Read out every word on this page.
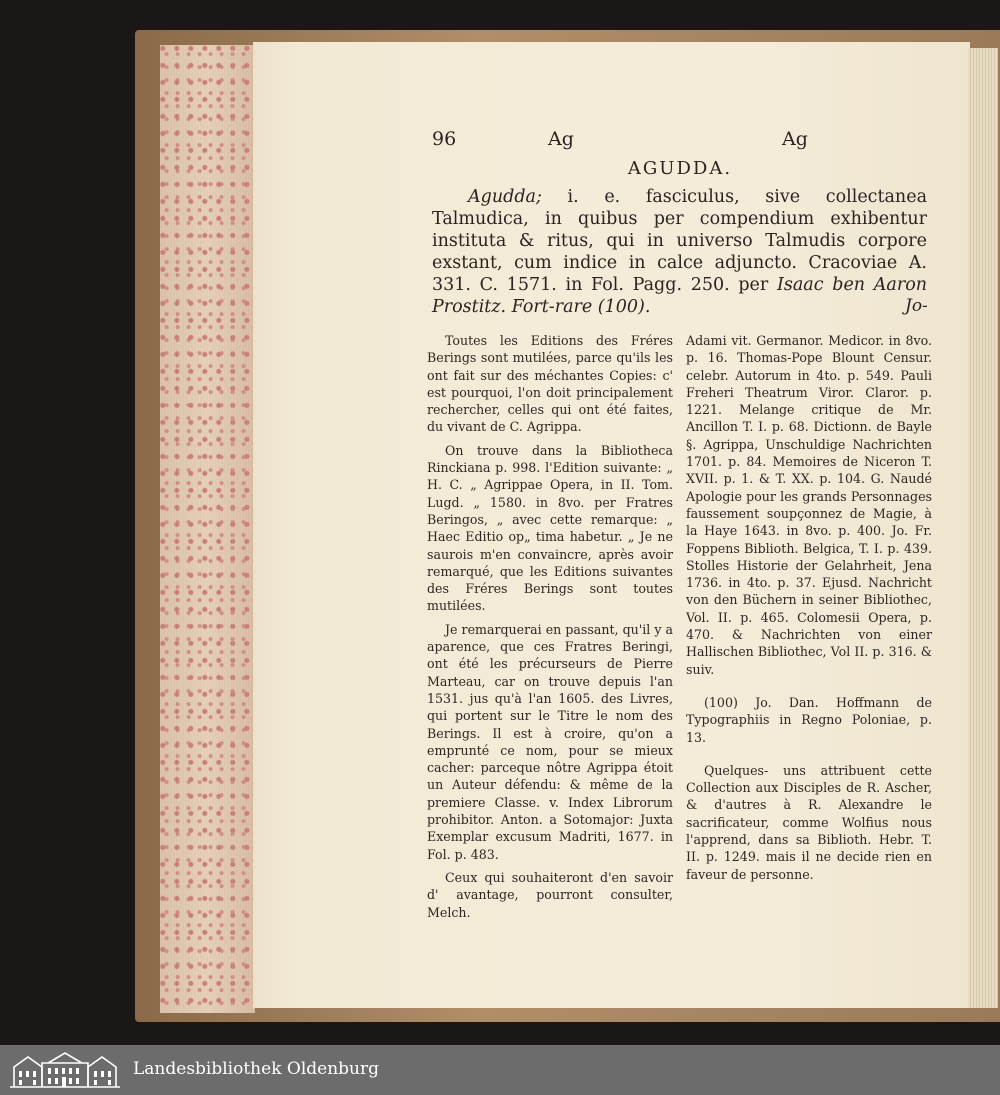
96	Ag	Ag
AGUDDA.
Agudda; i. e. fasciculus, sive collectanea Talmudica, in quibus per compendium exhibentur instituta & ritus, qui in universo Talmudis corpore exstant, cum indice in calce adjuncto. Cracoviae A. 331. C. 1571. in Fol. Pagg. 250. per Isaac ben Aaron Prostitz. Fort-rare (100).	Jo-

Toutes les Editions des Fréres Berings sont mutilées, parce qu'ils les ont fait sur des méchantes Copies: c' est pourquoi, l'on doit principalement rechercher, celles qui ont été faites, du vivant de C. Agrippa.

On trouve dans la Bibliotheca Rinckiana p. 998. l'Edition suivante: „ H. C. „ Agrippae Opera, in II. Tom. Lugd. „ 1580. in 8vo. per Fratres Beringos, „ avec cette remarque: „ Haec Editio op„ tima habetur. „ Je ne saurois m'en convaincre, après avoir remarqué, que les Editions suivantes des Fréres Berings sont toutes mutilées.

Je remarquerai en passant, qu'il y a aparence, que ces Fratres Beringi, ont été les précurseurs de Pierre Marteau, car on trouve depuis l'an 1531. jus qu'à l'an 1605. des Livres, qui portent sur le Titre le nom des Berings. Il est à croire, qu'on a emprunté ce nom, pour se mieux cacher: parceque nôtre Agrippa étoit un Auteur défendu: & même de la premiere Classe. v. Index Librorum prohibitor. Anton. a Sotomajor: Juxta Exemplar excusum Madriti, 1677. in Fol. p. 483.

Ceux qui souhaiteront d'en savoir d' avantage, pourront consulter, Melch.

Adami vit. Germanor. Medicor. in 8vo. p. 16. Thomas-Pope Blount Censur. celebr. Autorum in 4to. p. 549. Pauli Freheri Theatrum Viror. Claror. p. 1221. Melange critique de Mr. Ancillon T. I. p. 68. Dictionn. de Bayle §. Agrippa, Unschuldige Nachrichten 1701. p. 84. Memoires de Niceron T. XVII. p. 1. & T. XX. p. 104. G. Naudé Apologie pour les grands Personnages faussement soupçonnez de Magie, à la Haye 1643. in 8vo. p. 400. Jo. Fr. Foppens Biblioth. Belgica, T. I. p. 439. Stolles Historie der Gelahrheit, Jena 1736. in 4to. p. 37. Ejusd. Nachricht von den Büchern in seiner Bibliothec, Vol. II. p. 465. Colomesii Opera, p. 470. & Nachrichten von einer Hallischen Bibliothec, Vol II. p. 316. & suiv.

(100) Jo. Dan. Hoffmann de Typographiis in Regno Poloniae, p. 13.

Quelques- uns attribuent cette Collection aux Disciples de R. Ascher, & d'autres à R. Alexandre le sacrificateur, comme Wolfius nous l'apprend, dans sa Biblioth. Hebr. T. II. p. 1249. mais il ne decide rien en faveur de personne.

Landesbibliothek Oldenburg
